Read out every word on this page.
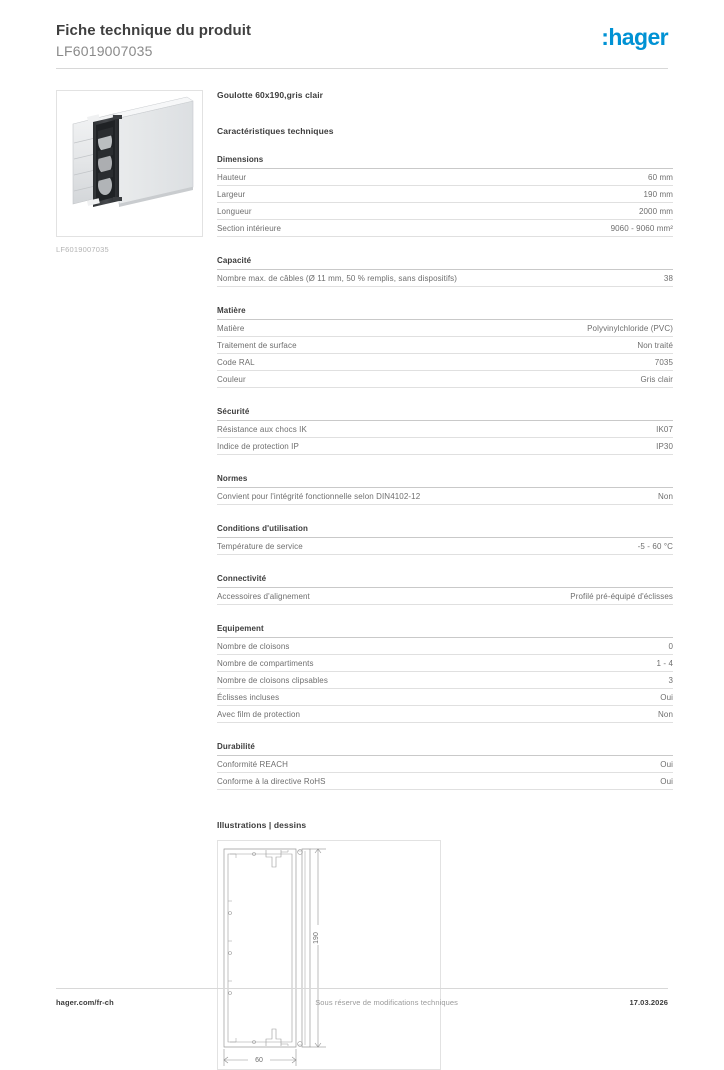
Fiche technique du produit
LF6019007035
:hager
LF6019007035
Goulotte 60x190,gris clair
Caractéristiques techniques
Dimensions
Hauteur	60 mm
Largeur	190 mm
Longueur	2000 mm
Section intérieure	9060 - 9060 mm²
Capacité
Nombre max. de câbles (Ø 11 mm, 50 % remplis, sans dispositifs)	38
Matière
Matière	Polyvinylchloride (PVC)
Traitement de surface	Non traité
Code RAL	7035
Couleur	Gris clair
Sécurité
Résistance aux chocs IK	IK07
Indice de protection IP	IP30
Normes
Convient pour l'intégrité fonctionnelle selon DIN4102-12	Non
Conditions d'utilisation
Température de service	-5 - 60 °C
Connectivité
Accessoires d'alignement	Profilé pré-équipé d'éclisses
Equipement
Nombre de cloisons	0
Nombre de compartiments	1 - 4
Nombre de cloisons clipsables	3
Éclisses incluses	Oui
Avec film de protection	Non
Durabilité
Conformité REACH	Oui
Conforme à la directive RoHS	Oui
Illustrations | dessins
190
60
hager.com/fr-ch	Sous réserve de modifications techniques	17.03.2026
